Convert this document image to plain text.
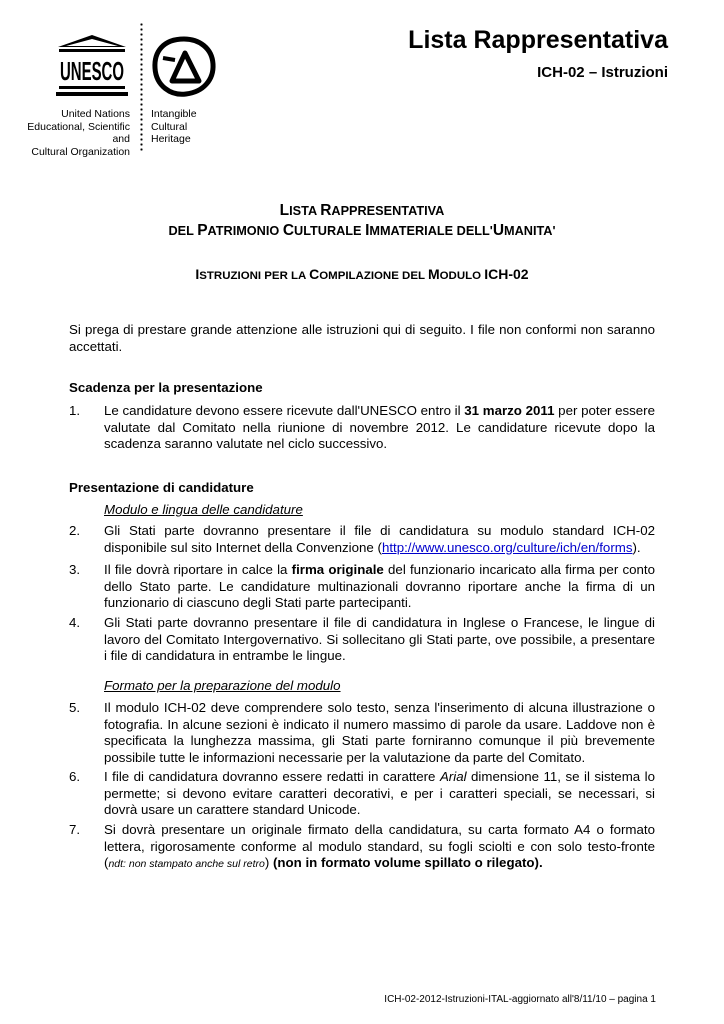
Lista Rappresentativa
ICH-02 – Istruzioni
UNESCO
United Nations
Educational, Scientific and
Cultural Organization
Intangible
Cultural
Heritage
LISTA RAPPRESENTATIVA
DEL PATRIMONIO CULTURALE IMMATERIALE DELL'UMANITA'
ISTRUZIONI PER LA COMPILAZIONE DEL MODULO ICH-02
Si prega di prestare grande attenzione alle istruzioni qui di seguito. I file non conformi non saranno accettati.
Scadenza per la presentazione
1. Le candidature devono essere ricevute dall'UNESCO entro il 31 marzo 2011 per poter essere valutate dal Comitato nella riunione di novembre 2012. Le candidature ricevute dopo la scadenza saranno valutate nel ciclo successivo.
Presentazione di candidature
Modulo e lingua delle candidature
2. Gli Stati parte dovranno presentare il file di candidatura su modulo standard ICH-02 disponibile sul sito Internet della Convenzione (http://www.unesco.org/culture/ich/en/forms).
3. Il file dovrà riportare in calce la firma originale del funzionario incaricato alla firma per conto dello Stato parte. Le candidature multinazionali dovranno riportare anche la firma di un funzionario di ciascuno degli Stati parte partecipanti.
4. Gli Stati parte dovranno presentare il file di candidatura in Inglese o Francese, le lingue di lavoro del Comitato Intergovernativo. Si sollecitano gli Stati parte, ove possibile, a presentare i file di candidatura in entrambe le lingue.
Formato per la preparazione del modulo
5. Il modulo ICH-02 deve comprendere solo testo, senza l'inserimento di alcuna illustrazione o fotografia. In alcune sezioni è indicato il numero massimo di parole da usare. Laddove non è specificata la lunghezza massima, gli Stati parte forniranno comunque il più brevemente possibile tutte le informazioni necessarie per la valutazione da parte del Comitato.
6. I file di candidatura dovranno essere redatti in carattere Arial dimensione 11, se il sistema lo permette; si devono evitare caratteri decorativi, e per i caratteri speciali, se necessari, si dovrà usare un carattere standard Unicode.
7. Si dovrà presentare un originale firmato della candidatura, su carta formato A4 o formato lettera, rigorosamente conforme al modulo standard, su fogli sciolti e con solo testo-fronte (ndt: non stampato anche sul retro) (non in formato volume spillato o rilegato).
ICH-02-2012-Istruzioni-ITAL-aggiornato all'8/11/10 – pagina 1
